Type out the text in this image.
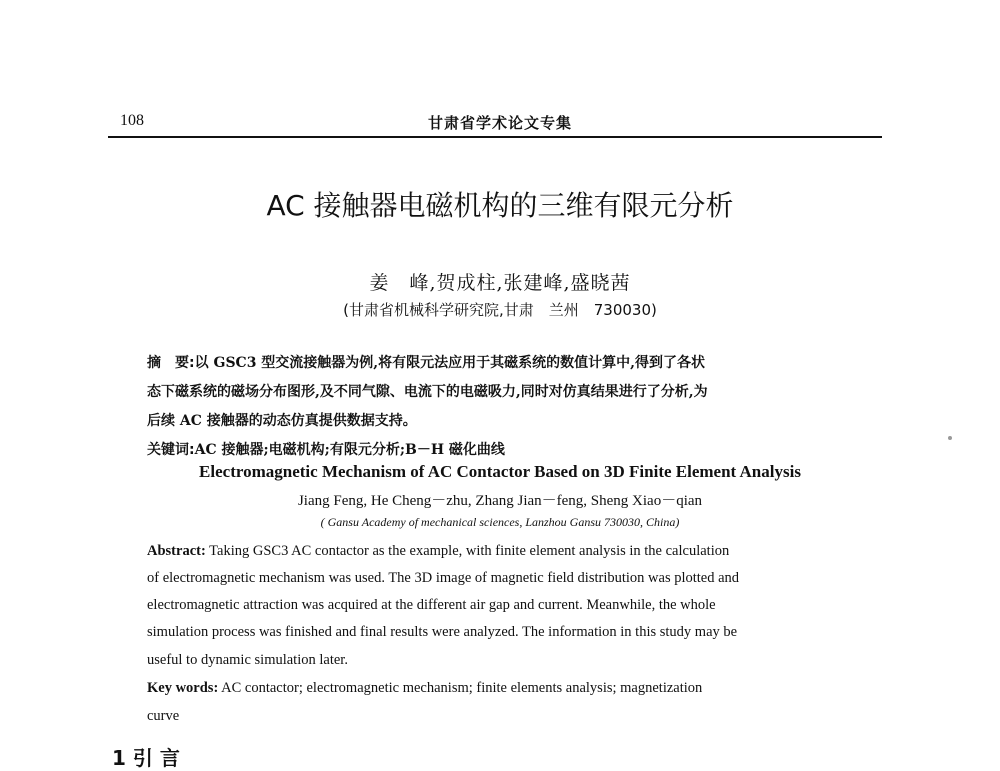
108	甘肃省学术论文专集
AC 接触器电磁机构的三维有限元分析
姜　峰,贺成柱,张建峰,盛晓茜
(甘肃省机械科学研究院,甘肃　兰州　730030)
摘　要:以 GSC3 型交流接触器为例,将有限元法应用于其磁系统的数值计算中,得到了各状
态下磁系统的磁场分布图形,及不同气隙、电流下的电磁吸力,同时对仿真结果进行了分析,为
后续 AC 接触器的动态仿真提供数据支持。
关键词:AC 接触器;电磁机构;有限元分析;B－H 磁化曲线
Electromagnetic Mechanism of AC Contactor Based on 3D Finite Element Analysis
Jiang Feng, He Cheng－zhu, Zhang Jian－feng, Sheng Xiao－qian
( Gansu Academy of mechanical sciences, Lanzhou Gansu 730030, China)
Abstract: Taking GSC3 AC contactor as the example, with finite element analysis in the calculation
of electromagnetic mechanism was used. The 3D image of magnetic field distribution was plotted and
electromagnetic attraction was acquired at the different air gap and current. Meanwhile, the whole
simulation process was finished and final results were analyzed. The information in this study may be
useful to dynamic simulation later.
Key words: AC contactor; electromagnetic mechanism; finite elements analysis; magnetization
curve
1 引 言
